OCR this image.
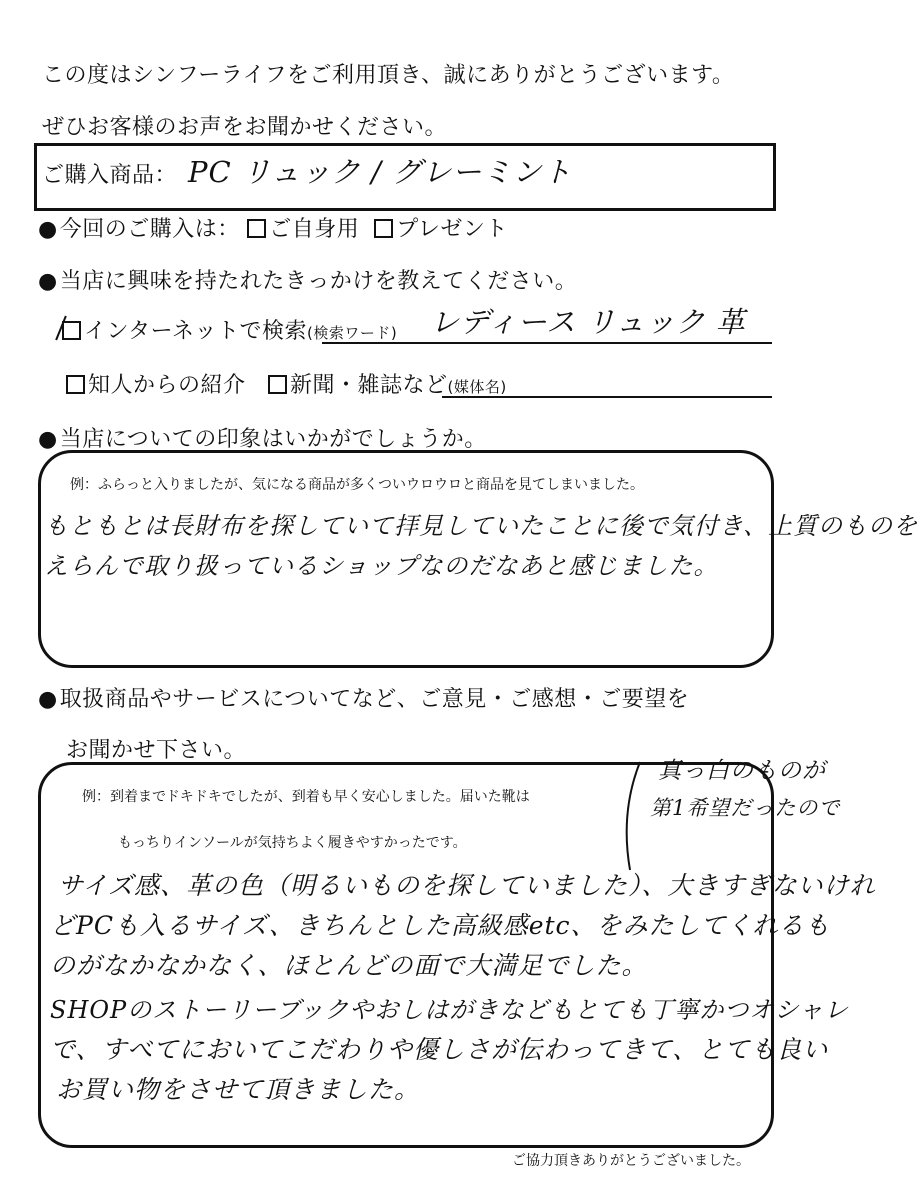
この度はシンフーライフをご利用頂き、誠にありがとうございます。
ぜひお客様のお声をお聞かせください。
ご購入商品： PC リュック / グレーミント
●今回のご購入は： ご自身用 プレゼント
●当店に興味を持たれたきっかけを教えてください。
インターネットで検索(検索ワード) レディース リュック 革
知人からの紹介 新聞・雑誌など(媒体名)
●当店についての印象はいかがでしょうか。
例：ふらっと入りましたが、気になる商品が多くついウロウロと商品を見てしまいました。
もともとは長財布を探していて拝見していたことに後で気付き、上質のものを
えらんで取り扱っているショップなのだなあと感じました。
●取扱商品やサービスについてなど、ご意見・ご感想・ご要望を
お聞かせ下さい。
例：到着までドキドキでしたが、到着も早く安心しました。届いた靴は
もっちりインソールが気持ちよく履きやすかったです。
真っ白のものが
第1希望だったので
サイズ感、革の色（明るいものを探していました）、大きすぎないけれ
どPCも入るサイズ、きちんとした高級感etc、をみたしてくれるも
のがなかなかなく、ほとんどの面で大満足でした。
SHOPのストーリーブックやおしはがきなどもとても丁寧かつオシャレ
で、すべてにおいてこだわりや優しさが伝わってきて、とても良い
お買い物をさせて頂きました。
ご協力頂きありがとうございました。
